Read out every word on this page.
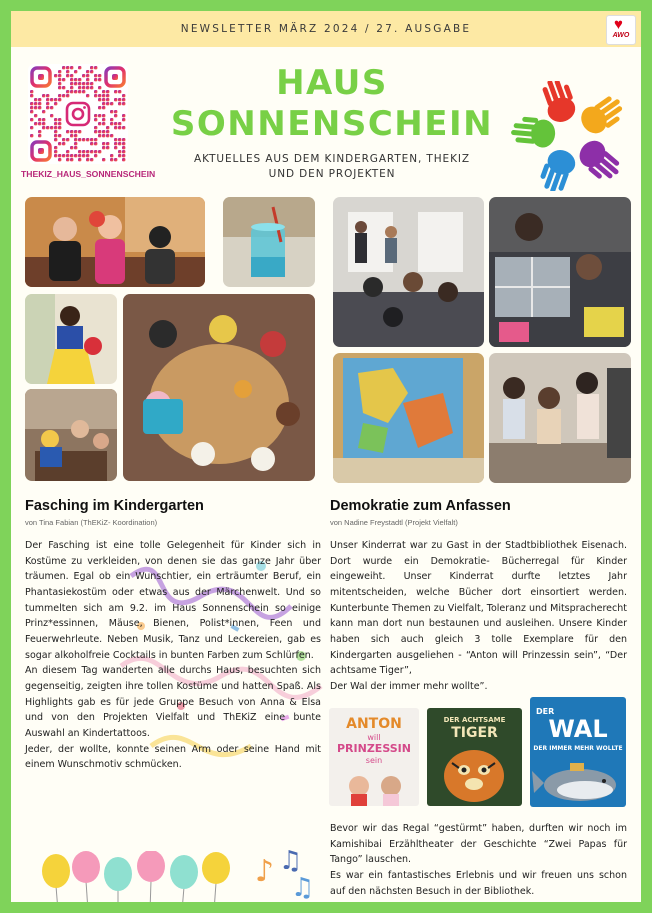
NEWSLETTER MÄRZ 2024 / 27. AUSGABE	♥
AWO
THEKIZ_HAUS_SONNENSCHEIN
HAUS
SONNENSCHEIN
AKTUELLES AUS DEM KINDERGARTEN, THEKIZ
UND DEN PROJEKTEN
Fasching im Kindergarten
von Tina Fabian (ThEKiZ- Koordination)

Der Fasching ist eine tolle Gelegenheit für Kinder sich in Kostüme zu verkleiden, von denen sie das ganze Jahr über träumen. Egal ob ein Wunschtier, ein erträumter Beruf, ein Phantasiekostüm oder etwas aus der Märchenwelt. Und so tummelten sich am 9.2. im Haus Sonnenschein so einige Prinz*essinnen, Mäuse, Bienen, Polist*innen, Feen und Feuerwehrleute. Neben Musik, Tanz und Leckereien, gab es sogar alkoholfreie Cocktails in bunten Farben zum Schlürfen.

An diesem Tag wanderten alle durchs Haus, besuchten sich gegenseitig, zeigten ihre tollen Kostüme und hatten Spaß. Als Highlights gab es für jede Gruppe Besuch von Anna & Elsa und von den Projekten Vielfalt und ThEKiZ eine bunte Auswahl an Kindertattoos.

Jeder, der wollte, konnte seinen Arm oder seine Hand mit einem Wunschmotiv schmücken.

♪ ♫
♫
Demokratie zum Anfassen
von Nadine Freystadtl (Projekt Vielfalt)

Unser Kinderrat war zu Gast in der Stadtbibliothek Eisenach. Dort wurde ein Demokratie- Bücherregal für Kinder eingeweiht. Unser Kinderrat durfte letztes Jahr mitentscheiden, welche Bücher dort einsortiert werden. Kunterbunte Themen zu Vielfalt, Toleranz und Mitspracherecht kann man dort nun bestaunen und ausleihen. Unsere Kinder haben sich auch gleich 3 tolle Exemplare für den Kindergarten ausgeliehen - “Anton will Prinzessin sein”, “Der achtsame Tiger”,

Der Wal der immer mehr wollte”.

ANTON
will
PRINZESSIN
sein
DER ACHTSAME
TIGER
DER
WAL
DER IMMER MEHR WOLLTE

Bevor wir das Regal “gestürmt” haben, durften wir noch im Kamishibai Erzähltheater der Geschichte “Zwei Papas für Tango” lauschen.

Es war ein fantastisches Erlebnis und wir freuen uns schon auf den nächsten Besuch in der Bibliothek.
